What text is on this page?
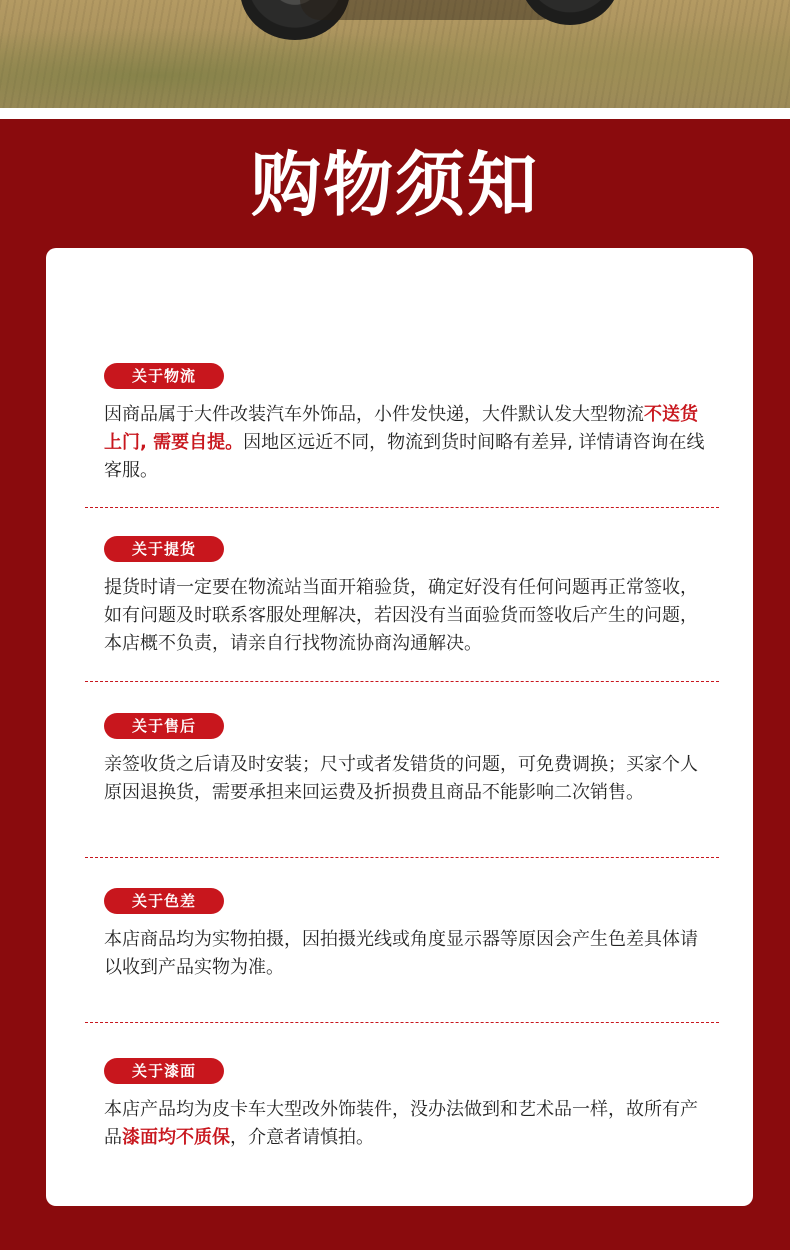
购物须知
关于物流
因商品属于大件改装汽车外饰品，小件发快递，大件默认发大型物流不送货上门, 需要自提。因地区远近不同，物流到货时间略有差异, 详情请咨询在线客服。
关于提货
提货时请一定要在物流站当面开箱验货，确定好没有任何问题再正常签收，如有问题及时联系客服处理解决，若因没有当面验货而签收后产生的问题，本店概不负责，请亲自行找物流协商沟通解决。
关于售后
亲签收货之后请及时安装；尺寸或者发错货的问题，可免费调换；买家个人原因退换货，需要承担来回运费及折损费且商品不能影响二次销售。
关于色差
本店商品均为实物拍摄，因拍摄光线或角度显示器等原因会产生色差具体请以收到产品实物为准。
关于漆面
本店产品均为皮卡车大型改外饰装件，没办法做到和艺术品一样，故所有产品漆面均不质保，介意者请慎拍。
